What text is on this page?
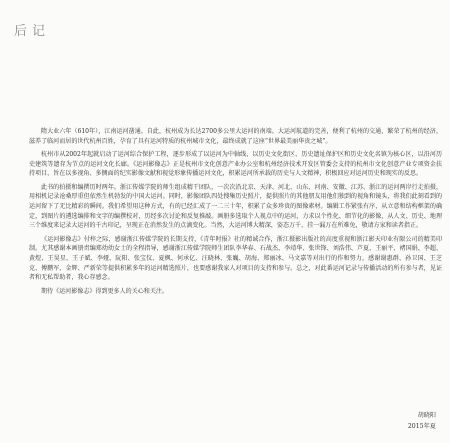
后记

隋大业六年（610年），江南运河凿通。自此，杭州成为长达2700多公里大运河的南端。大运河航道的完善，便利了杭州的交通，繁荣了杭州的经济，滋养了临河而居的世代杭州百姓，孕育了具有运河特质的杭州城市文化，最终成就了这座“世界最美丽华贵之城”。

杭州市从2002年起就启动了运河综合保护工程，逐步形成了以运河为中轴线，以历史文化街区、历史遗址保护区和历史文化名镇为核心区，以沿河历史建筑等遗存为节点的运河文化长廊。《运河影像志》正是杭州市文化创意产业办公室和杭州经济技术开发区管委会支持的杭州市文化创意产业专项资金扶持项目，旨在以多视角、多侧面的纪实影像文献和视觉形象传播运河文化，积累运河所承载的历史与人文精神，积极回应对运河历史和现实的反思。

此书的拍摄和编撰历时两年。浙江传媒学院的师生组成精干团队，一次次沿北京、天津、河北、山东、河南、安徽、江苏、浙江的运河两岸行走拍摄，用相机记录沧桑厚重但依然生机勃发的中国大运河。同时，影像团队四处搜集历史照片，提供照片的其他朋友用他们独到的视角和镜头，将我们此刻看到的运河留下了无比精彩的瞬间。我们希望用这种方式，有的已经汇成了一二三十年，积累了众多珍贵的图像素材。编辑工作紧张有序，从立意和结构框架的确定，到图片的遴选编排和文字的编撰校对，历经多次讨论和反复推敲。画册多选取个人视点中的运河，力求以个性化、细节化的影像，从人文、历史、地理三个维度来记录大运河的千古印记，呈现正在消然发生的点滴变化。当然，大运河博大精深，姿态万千，挂一漏万在所难免，敬请方家和读者指正。

《运河影像志》付梓之际，感谢浙江传媒学院的长期支持，《青年时报》社的精诚合作，浙江摄影出版社的高度重视和浙江影天印业有限公司的精美印制。尤其感谢本画册责编郑幼幼女士的全程指导，感谢浙江传媒学院师生团队李华春、石战杰、李靖华、张世锋、刘浩伟、芦夏、王丽平、褚国娟、李超、黄煜、王昊星、王子斌、李娅、阮阳、张宝仪、夏枫、何承亿、汪晓林、张巍、胡海、郑丽冰、马文嘉等对出行的作和努力，感谢谢惠群、孙卫国、王芝克、傅鹏军、金辉、严新荣等提供积累多年的运河精选照片，也要感谢我家人对项目的支持和参与。总之，对此番运河记录与传播活动的所有参与者，见证者和无私帮助者，我心存感念。

期待《运河影像志》得到更多人的关心和关注。

胡晓阳
2015年夏
